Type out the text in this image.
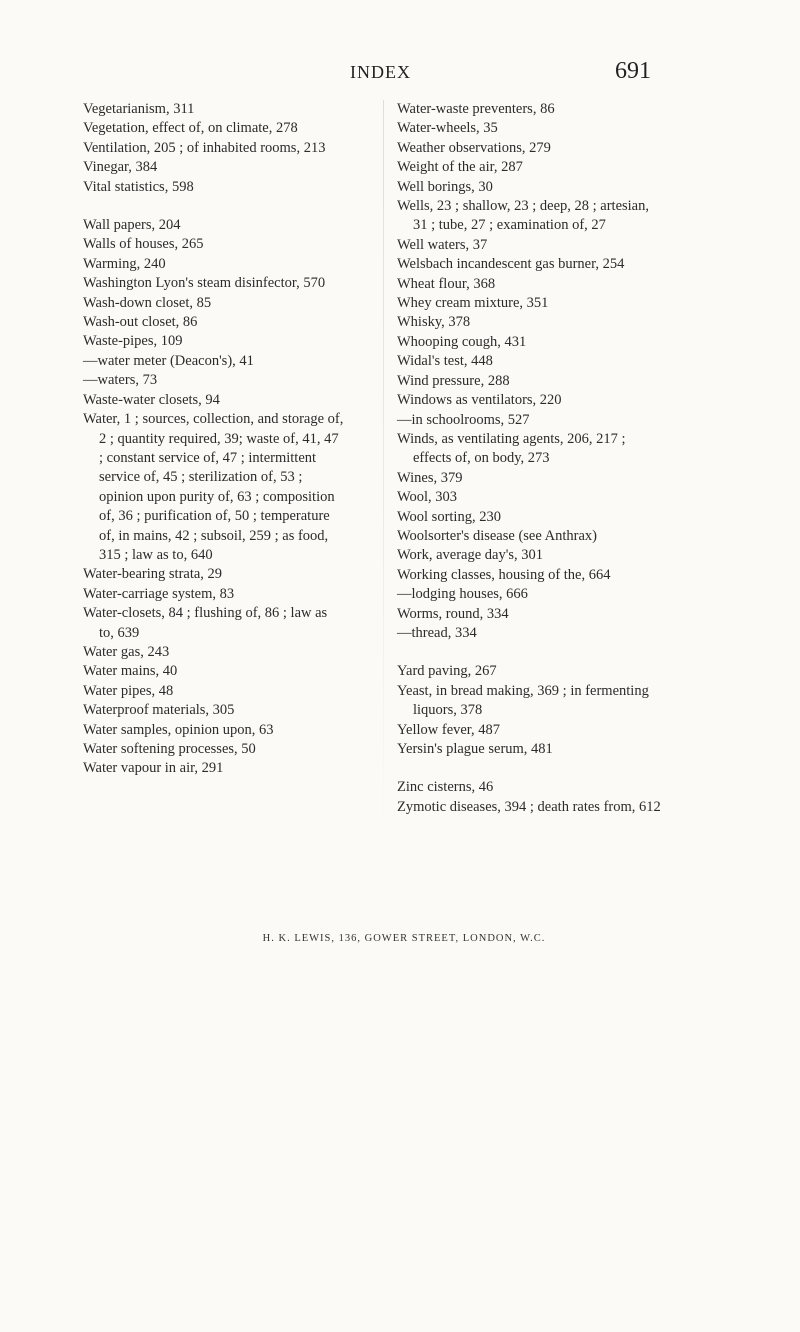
INDEX	691
Vegetarianism, 311
Vegetation, effect of, on climate, 278
Ventilation, 205 ; of inhabited rooms, 213
Vinegar, 384
Vital statistics, 598
Wall papers, 204
Walls of houses, 265
Warming, 240
Washington Lyon's steam disinfector, 570
Wash-down closet, 85
Wash-out closet, 86
Waste-pipes, 109
—water meter (Deacon's), 41
—waters, 73
Waste-water closets, 94
Water, 1 ; sources, collection, and storage of, 2 ; quantity required, 39; waste of, 41, 47 ; constant service of, 47 ; intermittent service of, 45 ; sterilization of, 53 ; opinion upon purity of, 63 ; composition of, 36 ; purification of, 50 ; temperature of, in mains, 42 ; subsoil, 259 ; as food, 315 ; law as to, 640
Water-bearing strata, 29
Water-carriage system, 83
Water-closets, 84 ; flushing of, 86 ; law as to, 639
Water gas, 243
Water mains, 40
Water pipes, 48
Waterproof materials, 305
Water samples, opinion upon, 63
Water softening processes, 50
Water vapour in air, 291
Water-waste preventers, 86
Water-wheels, 35
Weather observations, 279
Weight of the air, 287
Well borings, 30
Wells, 23 ; shallow, 23 ; deep, 28 ; artesian, 31 ; tube, 27 ; examination of, 27
Well waters, 37
Welsbach incandescent gas burner, 254
Wheat flour, 368
Whey cream mixture, 351
Whisky, 378
Whooping cough, 431
Widal's test, 448
Wind pressure, 288
Windows as ventilators, 220
—in schoolrooms, 527
Winds, as ventilating agents, 206, 217 ; effects of, on body, 273
Wines, 379
Wool, 303
Wool sorting, 230
Woolsorter's disease (see Anthrax)
Work, average day's, 301
Working classes, housing of the, 664
—lodging houses, 666
Worms, round, 334
—thread, 334
Yard paving, 267
Yeast, in bread making, 369 ; in fermenting liquors, 378
Yellow fever, 487
Yersin's plague serum, 481
Zinc cisterns, 46
Zymotic diseases, 394 ; death rates from, 612
H. K. LEWIS, 136, GOWER STREET, LONDON, W.C.
